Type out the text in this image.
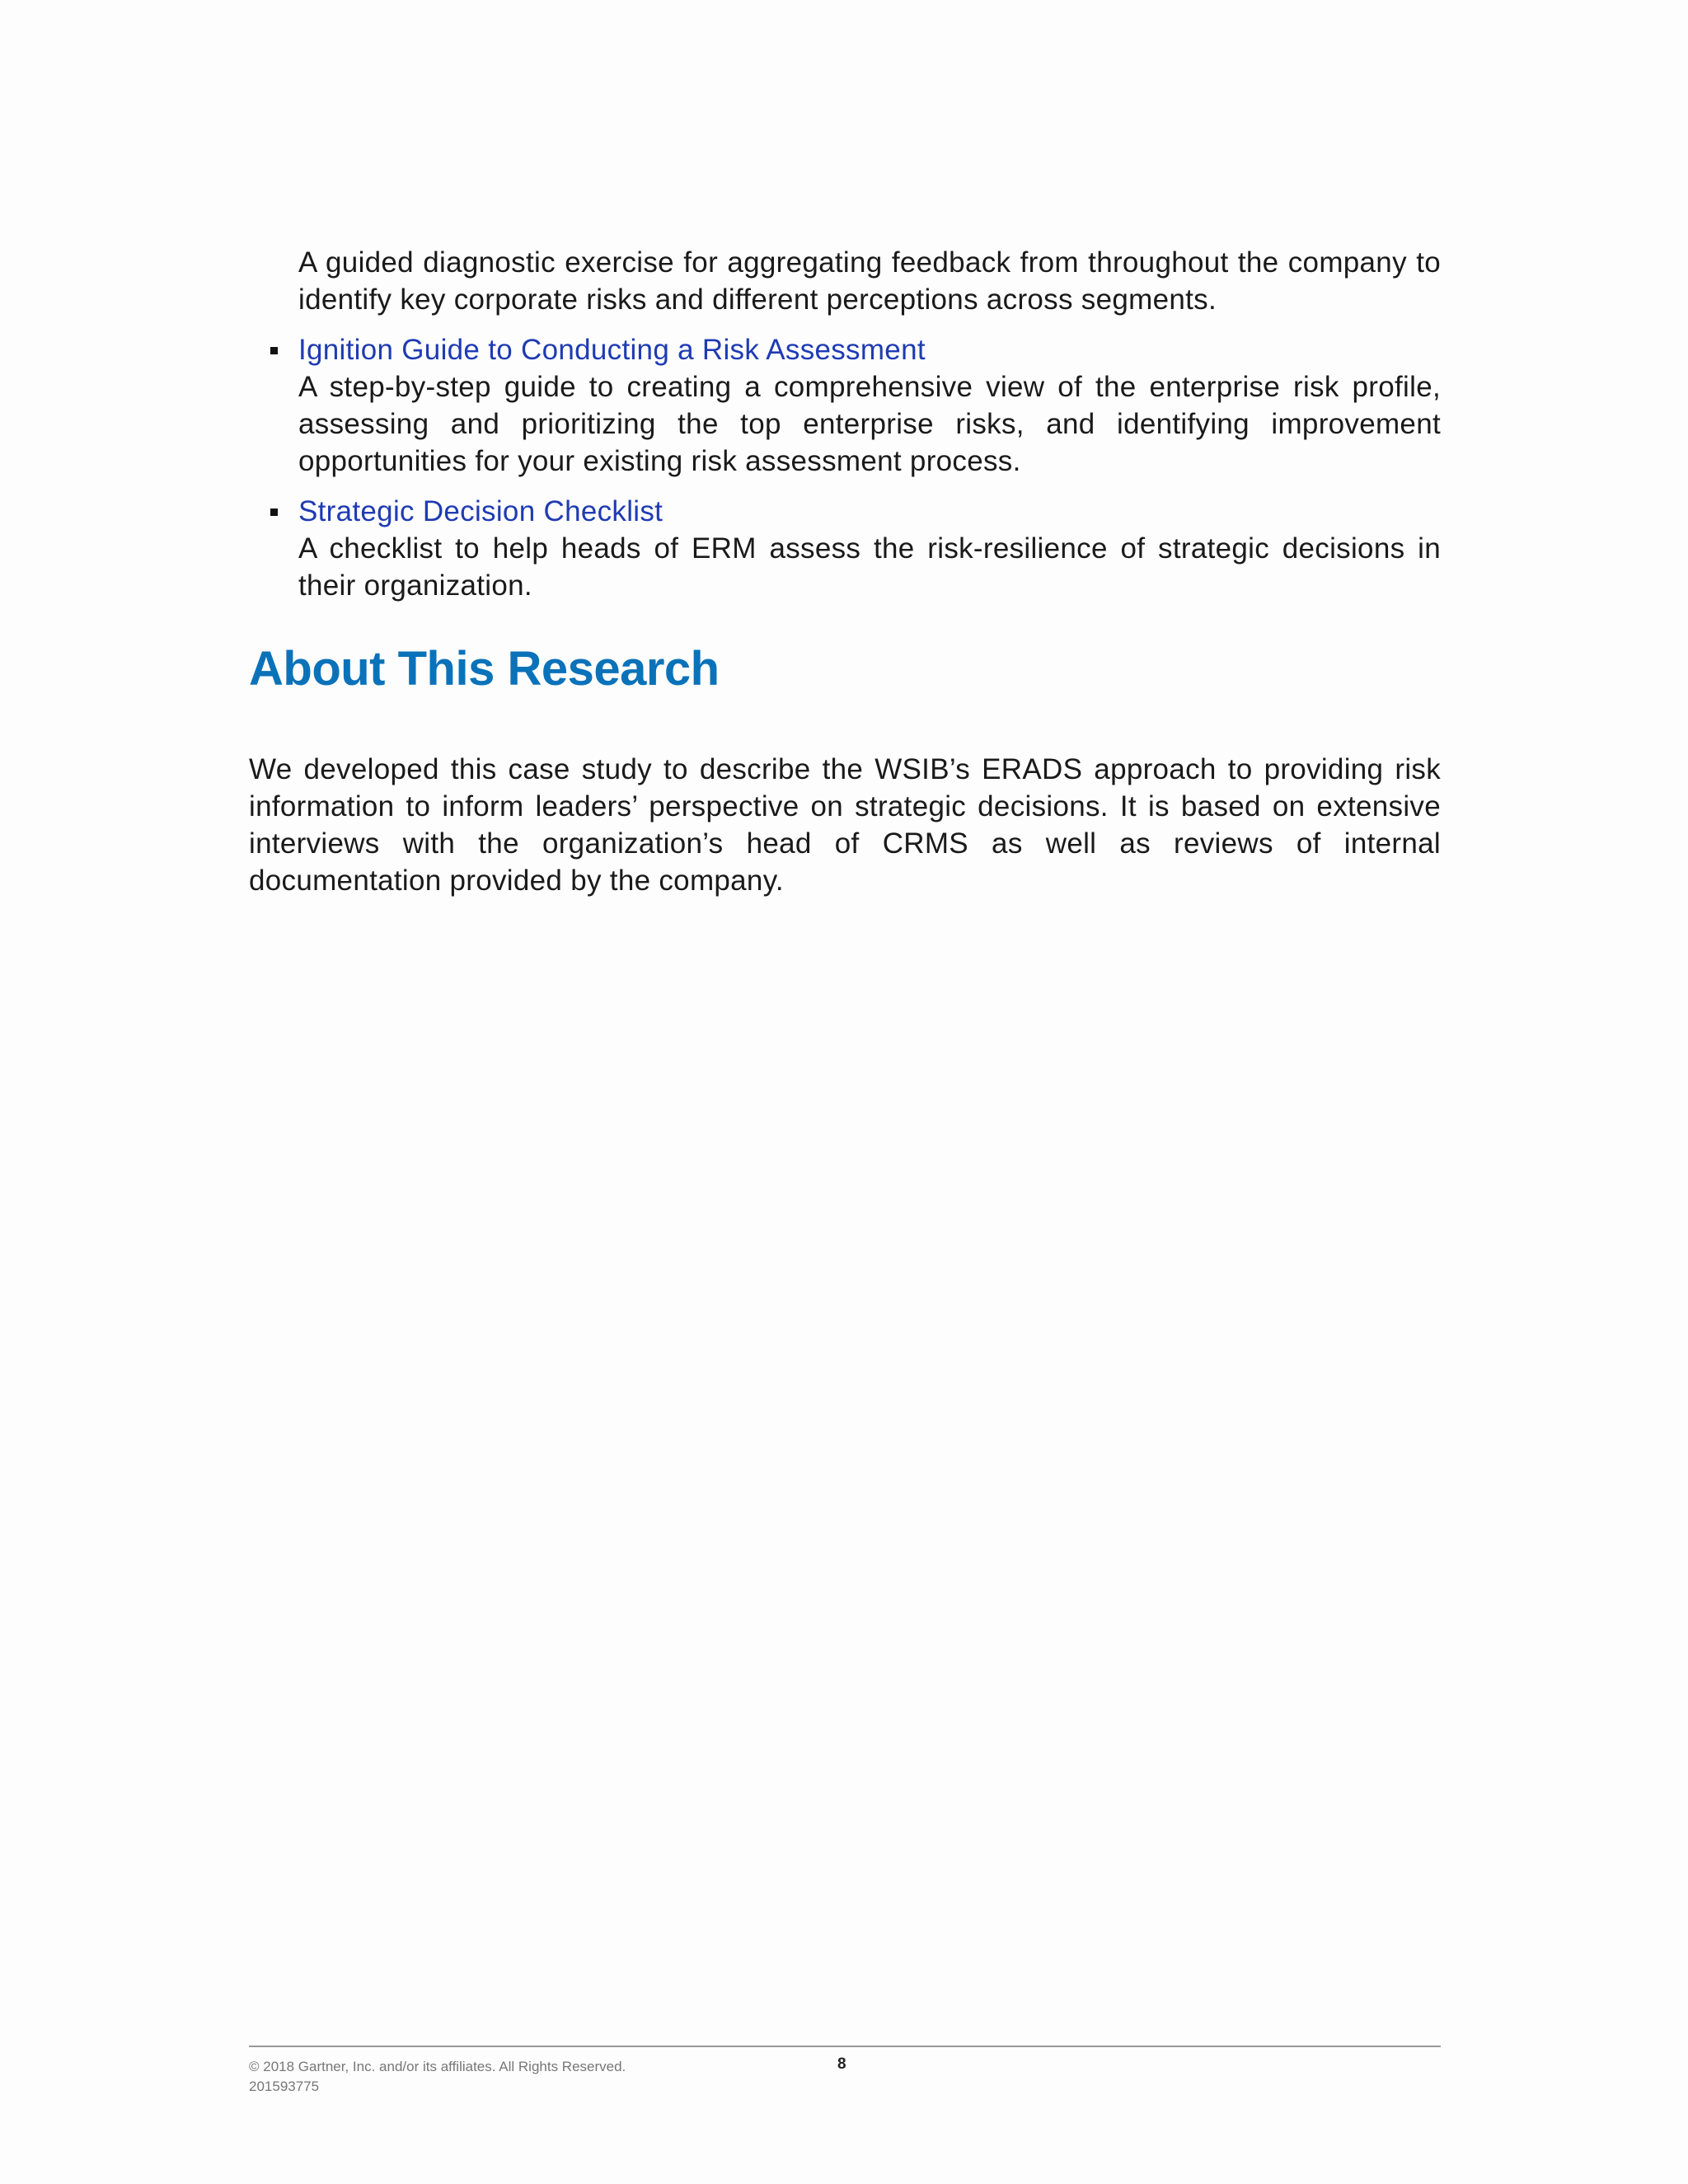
A guided diagnostic exercise for aggregating feedback from throughout the company to identify key corporate risks and different perceptions across segments.
Ignition Guide to Conducting a Risk Assessment
A step-by-step guide to creating a comprehensive view of the enterprise risk profile, assessing and prioritizing the top enterprise risks, and identifying improvement opportunities for your existing risk assessment process.
Strategic Decision Checklist
A checklist to help heads of ERM assess the risk-resilience of strategic decisions in their organization.
About This Research

We developed this case study to describe the WSIB’s ERADS approach to providing risk information to inform leaders’ perspective on strategic decisions. It is based on extensive interviews with the organization’s head of CRMS as well as reviews of internal documentation provided by the company.

© 2018 Gartner, Inc. and/or its affiliates. All Rights Reserved.
201593775
8
